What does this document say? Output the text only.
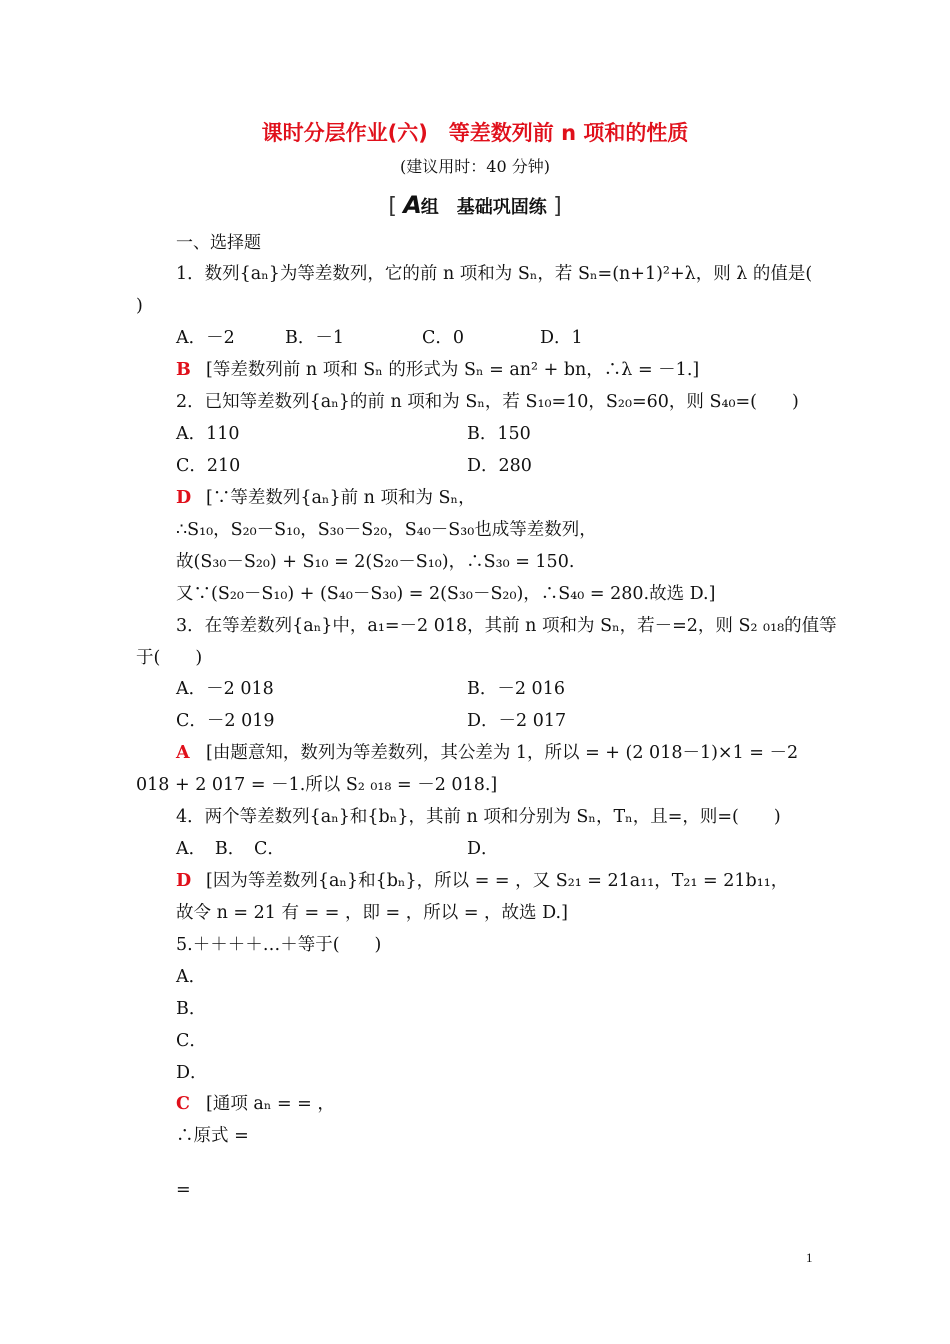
课时分层作业(六)　等差数列前 n 项和的性质
(建议用时：40 分钟)
[ A组　基础巩固练 ]
一、选择题
1．数列{aₙ}为等差数列，它的前 n 项和为 Sₙ，若 Sₙ=(n+1)²+λ，则 λ 的值是(
)
A．－2	B．－1	C．0	D．1
B [等差数列前 n 项和 Sₙ 的形式为 Sₙ = an² + bn，∴λ = －1.]
2．已知等差数列{aₙ}的前 n 项和为 Sₙ，若 S₁₀=10，S₂₀=60，则 S₄₀=(　　)
A．110	B．150
C．210	D．280
D [∵等差数列{aₙ}前 n 项和为 Sₙ，
∴S₁₀，S₂₀－S₁₀，S₃₀－S₂₀，S₄₀－S₃₀也成等差数列，
故(S₃₀－S₂₀) + S₁₀ = 2(S₂₀－S₁₀)，∴S₃₀ = 150.
又∵(S₂₀－S₁₀) + (S₄₀－S₃₀) = 2(S₃₀－S₂₀)，∴S₄₀ = 280.故选 D.]
3．在等差数列{aₙ}中，a₁=－2 018，其前 n 项和为 Sₙ，若－=2，则 S₂ ₀₁₈的值等
于(　　)
A．－2 018	B．－2 016
C．－2 019	D．－2 017
A [由题意知，数列为等差数列，其公差为 1，所以 = + (2 018－1)×1 = －2
018 + 2 017 = －1.所以 S₂ ₀₁₈ = －2 018.]
4．两个等差数列{aₙ}和{bₙ}，其前 n 项和分别为 Sₙ，Tₙ，且=，则=(　　)
A．　B．　C．	D．
D [因为等差数列{aₙ}和{bₙ}，所以 = = ，又 S₂₁ = 21a₁₁，T₂₁ = 21b₁₁，
故令 n = 21 有 = = ，即 = ，所以 = ，故选 D.]
5.＋＋＋＋…＋等于(　　)
A．
B．
C．
D．
C [通项 aₙ = = ，
∴原式 =
=
1
